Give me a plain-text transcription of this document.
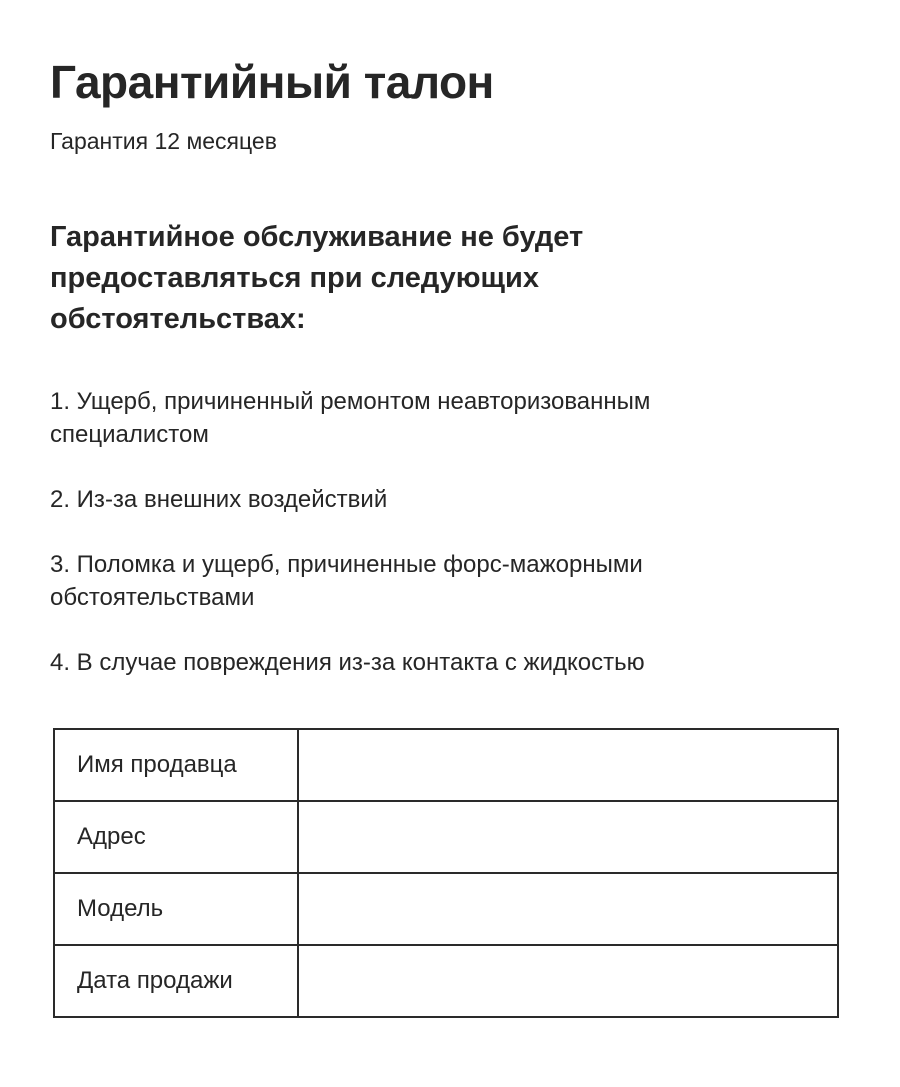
Гарантийный талон
Гарантия 12 месяцев
Гарантийное обслуживание не будет предоставляться при следующих обстоятельствах:
1. Ущерб, причиненный ремонтом неавторизованным специалистом
2. Из-за внешних воздействий
3. Поломка и ущерб, причиненные форс-мажорными обстоятельствами
4. В случае повреждения из-за контакта с жидкостью
Имя продавца	
Адрес	
Модель	
Дата продажи	
